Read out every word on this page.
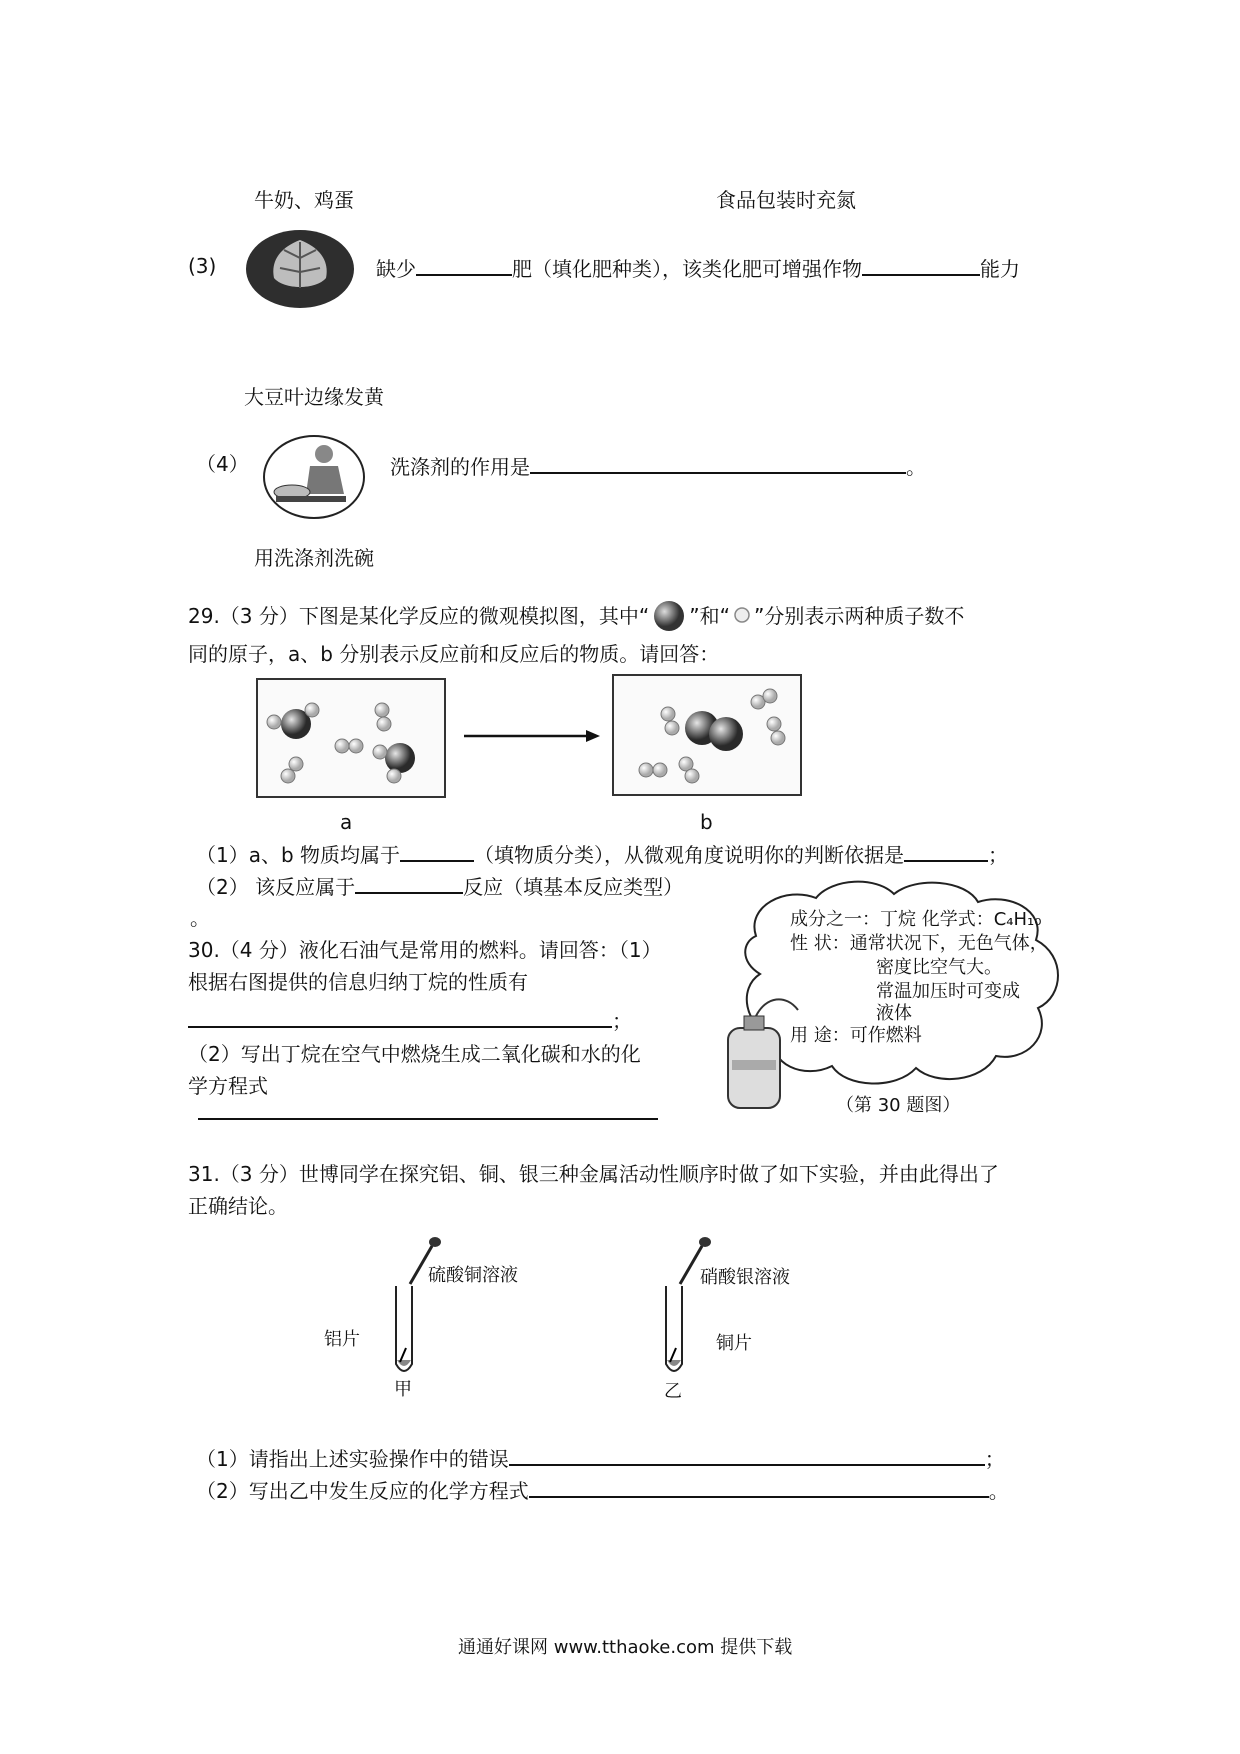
牛奶、鸡蛋	食品包装时充氮
(3)	缺少	肥（填化肥种类），该类化肥可增强作物	能力
大豆叶边缘发黄
（4）	洗涤剂的作用是	。
用洗涤剂洗碗
29.（3 分）下图是某化学反应的微观模拟图，其中“ ”和“ ”分别表示两种质子数不
同的原子，a、b 分别表示反应前和反应后的物质。请回答：
a	b
（1）a、b 物质均属于	（填物质分类），从微观角度说明你的判断依据是	；
（2） 该反应属于	反应（填基本反应类型）
。
30.（4 分）液化石油气是常用的燃料。请回答：（1）
根据右图提供的信息归纳丁烷的性质有
；
（2）写出丁烷在空气中燃烧生成二氧化碳和水的化
学方程式
成分之一：丁烷 化学式：C₄H₁₀
性 状：通常状况下，无色气体，
密度比空气大。
常温加压时可变成
液体
用 途：可作燃料
（第 30 题图）
31.（3 分）世博同学在探究铝、铜、银三种金属活动性顺序时做了如下实验，并由此得出了
正确结论。
硫酸铜溶液
铝片
甲
硝酸银溶液
铜片
乙
（1）请指出上述实验操作中的错误	；
（2）写出乙中发生反应的化学方程式	。
通通好课网 www.tthaoke.com 提供下载
